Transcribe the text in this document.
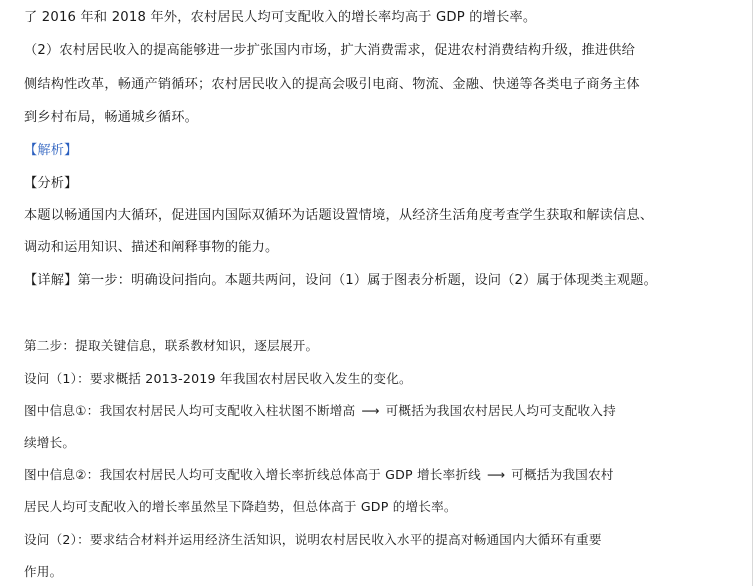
了 2016 年和 2018 年外，农村居民人均可支配收入的增长率均高于 GDP 的增长率。
（2）农村居民收入的提高能够进一步扩张国内市场，扩大消费需求，促进农村消费结构升级，推进供给
侧结构性改革，畅通产销循环；农村居民收入的提高会吸引电商、物流、金融、快递等各类电子商务主体
到乡村布局，畅通城乡循环。
【解析】
【分析】
本题以畅通国内大循环，促进国内国际双循环为话题设置情境，从经济生活角度考查学生获取和解读信息、
调动和运用知识、描述和阐释事物的能力。
【详解】第一步：明确设问指向。本题共两问，设问（1）属于图表分析题，设问（2）属于体现类主观题。
第二步：提取关键信息，联系教材知识，逐层展开。
设问（1）：要求概括 2013-2019 年我国农村居民收入发生的变化。
图中信息①：我国农村居民人均可支配收入柱状图不断增高 ⟶ 可概括为我国农村居民人均可支配收入持
续增长。
图中信息②：我国农村居民人均可支配收入增长率折线总体高于 GDP 增长率折线 ⟶ 可概括为我国农村
居民人均可支配收入的增长率虽然呈下降趋势，但总体高于 GDP 的增长率。
设问（2）：要求结合材料并运用经济生活知识，说明农村居民收入水平的提高对畅通国内大循环有重要
作用。
